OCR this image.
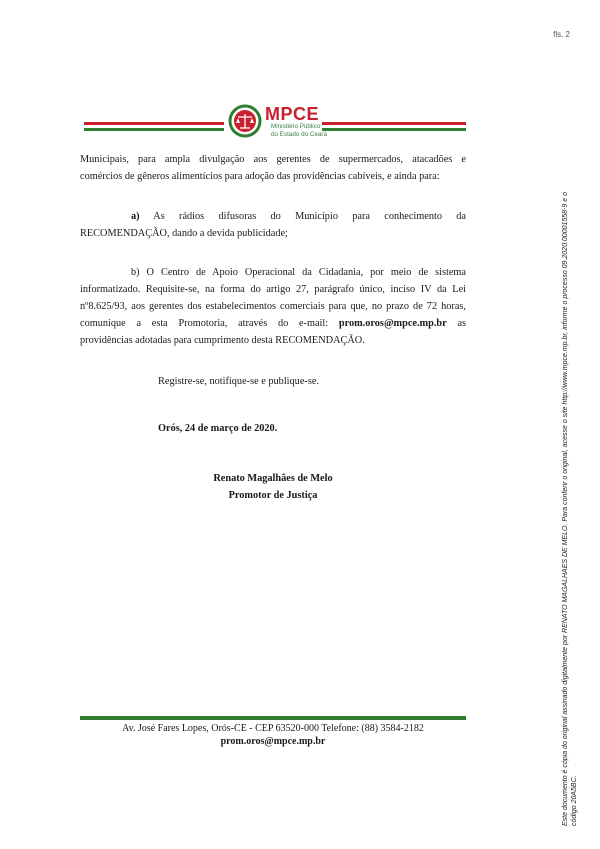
fls. 2
MPCE
Ministério Público
do Estado do Ceará
Municipais, para ampla divulgação aos gerentes de supermercados, atacadões e
comércios de gêneros alimentícios para adoção das providências cabíveis, e ainda para:
a) As rádios difusoras do Município para conhecimento da
RECOMENDAÇÃO, dando a devida publicidade;
b) O Centro de Apoio Operacional da Cidadania, por meio de sistema
informatizado. Requisite-se, na forma do artigo 27, parágrafo único, inciso IV da Lei
nº8.625/93, aos gerentes dos estabelecimentos comerciais para que, no prazo de 72 horas,
comunique a esta Promotoria, através do e-mail: prom.oros@mpce.mp.br as
providências adotadas para cumprimento desta RECOMENDAÇÃO.
Registre-se, notifique-se e publique-se.
Orós, 24 de março de 2020.
Renato Magalhães de Melo
Promotor de Justiça
Av. José Fares Lopes, Orós-CE - CEP 63520-000 Telefone: (88) 3584-2182
prom.oros@mpce.mp.br	Este documento é cópia do original assinado digitalmente por RENATO MAGALHAES DE MELO. Para conferir o original, acesse o site http://www.mpce.mp.br, informe o processo 09.2020.00001558-9 e o código 20A5BC.
